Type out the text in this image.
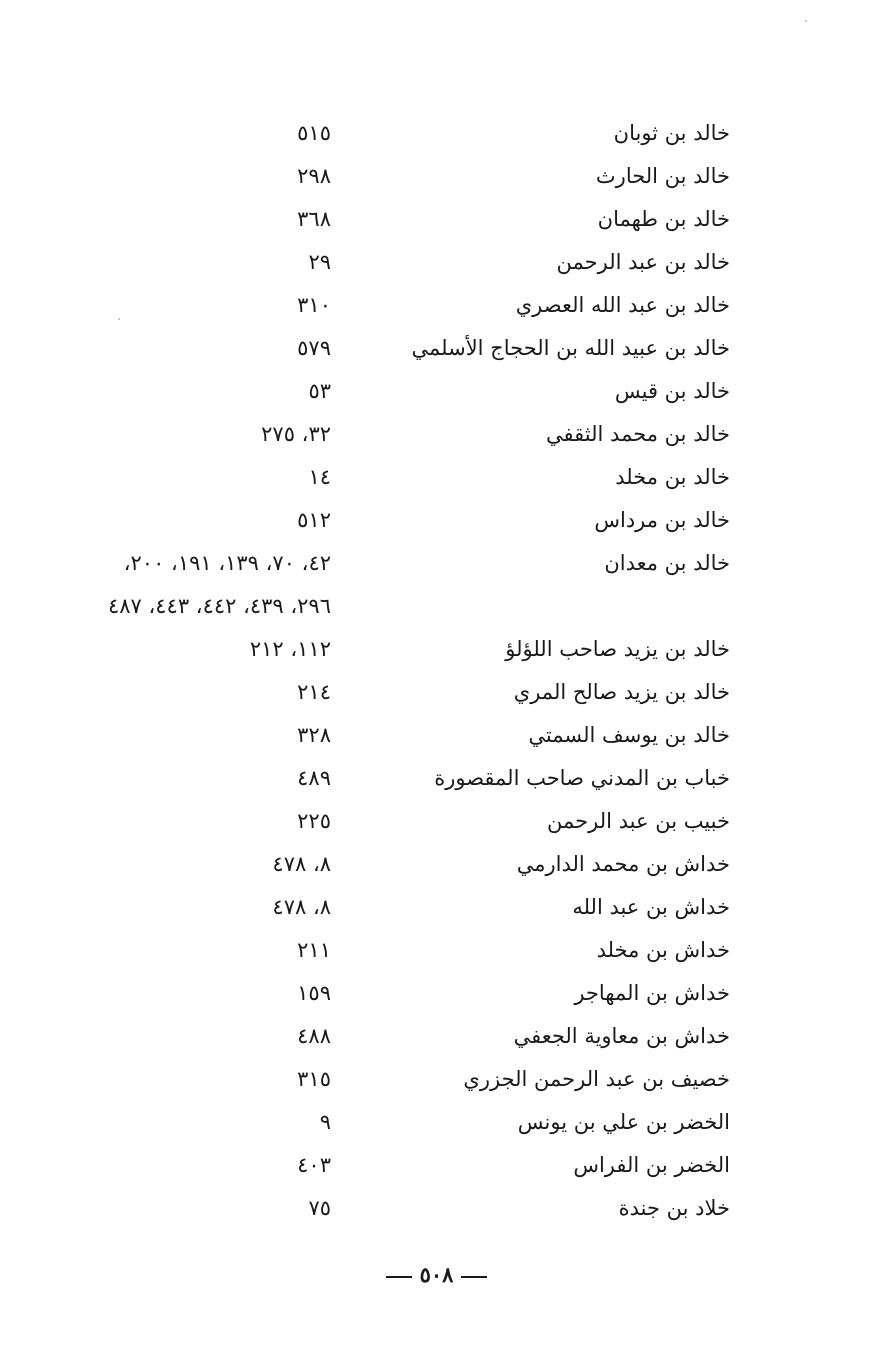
خالد بن ثوبان
٥١٥
خالد بن الحارث
٢٩٨
خالد بن طهمان
٣٦٨
خالد بن عبد الرحمن
٢٩
خالد بن عبد الله العصري
٣١٠
خالد بن عبيد الله بن الحجاج الأسلمي
٥٧٩
خالد بن قيس
٥٣
خالد بن محمد الثقفي
٣٢، ٢٧٥
خالد بن مخلد
١٤
خالد بن مرداس
٥١٢
خالد بن معدان
٤٢، ٧٠، ١٣٩، ١٩١، ٢٠٠،
٢٩٦، ٤٣٩، ٤٤٢، ٤٤٣، ٤٨٧
خالد بن يزيد صاحب اللؤلؤ
١١٢، ٢١٢
خالد بن يزيد صالح المري
٢١٤
خالد بن يوسف السمتي
٣٢٨
خباب بن المدني صاحب المقصورة
٤٨٩
خبيب بن عبد الرحمن
٢٢٥
خداش بن محمد الدارمي
٨، ٤٧٨
خداش بن عبد الله
٨، ٤٧٨
خداش بن مخلد
٢١١
خداش بن المهاجر
١٥٩
خداش بن معاوية الجعفي
٤٨٨
خصيف بن عبد الرحمن الجزري
٣١٥
الخضر بن علي بن يونس
٩
الخضر بن الفراس
٤٠٣
خلاد بن جندة
٧٥
٥٠٨
